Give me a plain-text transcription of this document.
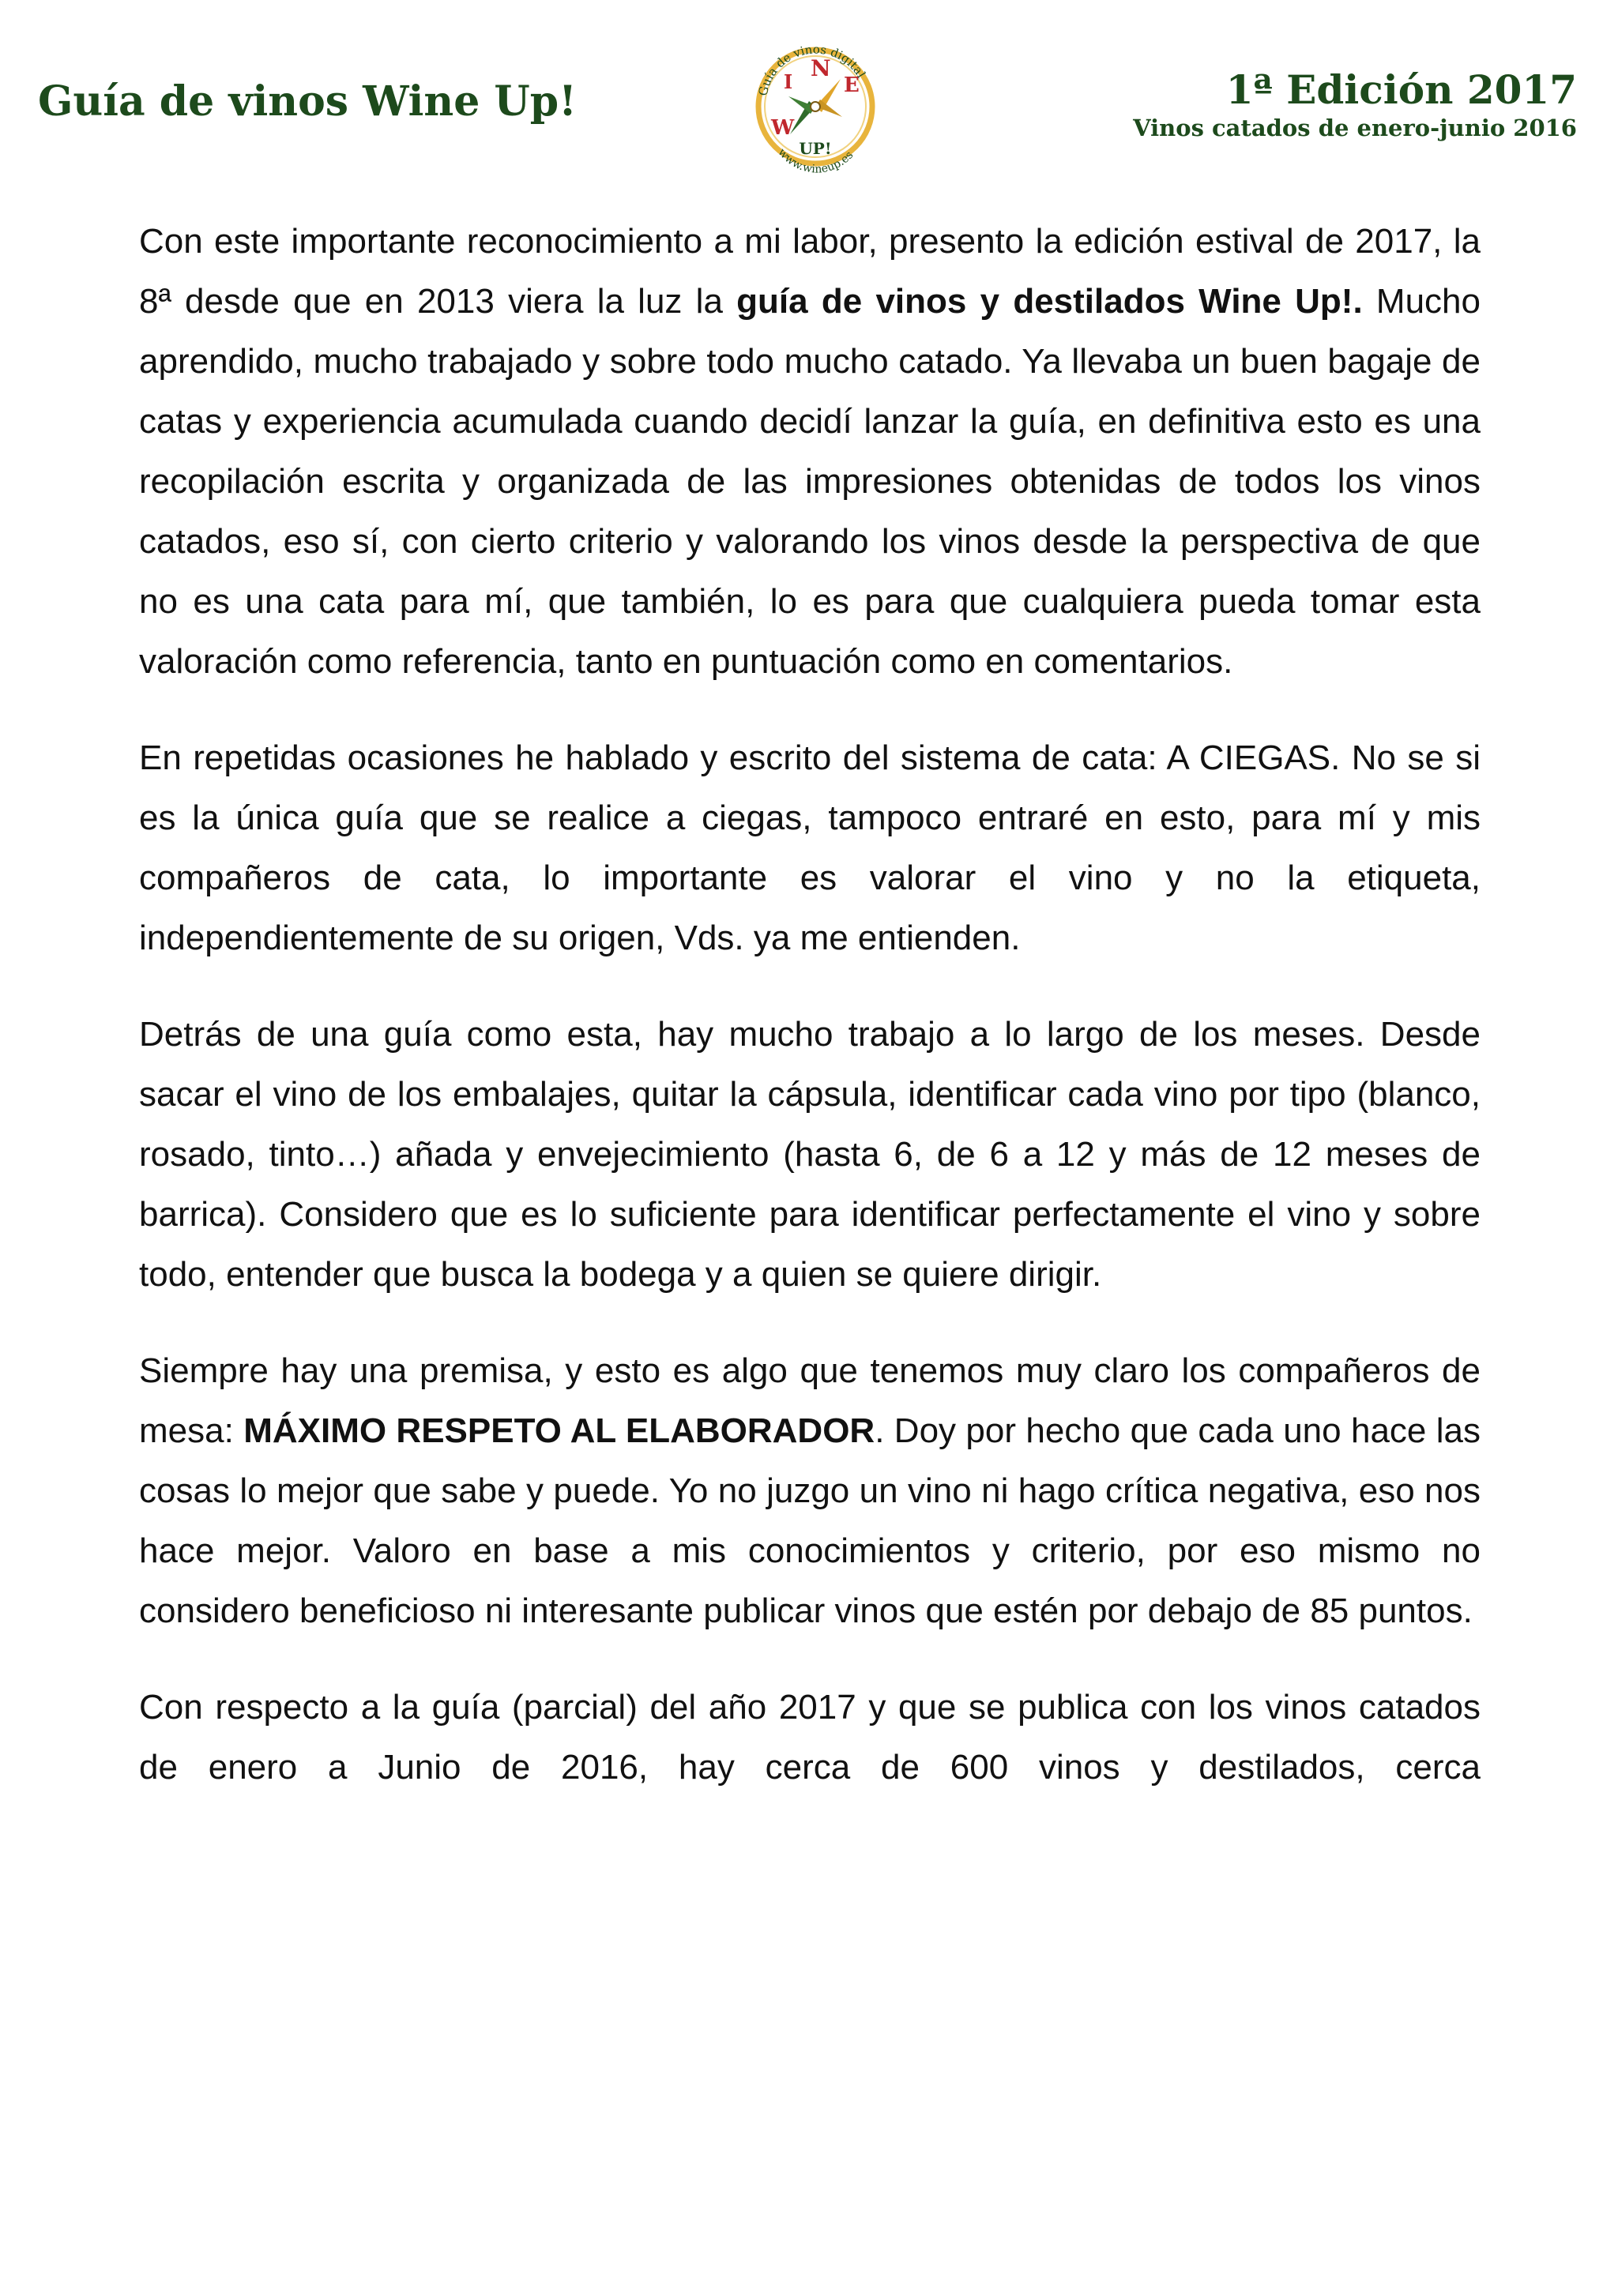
Guía de vinos Wine Up!	Guía de vinos digital
W
I
N
E
UP!
www.wineup.es
1ª Edición 2017
Vinos catados de enero-junio 2016

Con este importante reconocimiento a mi labor, presento la edición estival de 2017, la 8ª desde que en 2013 viera la luz la guía de vinos y destilados Wine Up!. Mucho aprendido, mucho trabajado y sobre todo mucho catado. Ya llevaba un buen bagaje de catas y experiencia acumulada cuando decidí lanzar la guía, en definitiva esto es una recopilación escrita y organizada de las impresiones obtenidas de todos los vinos catados, eso sí, con cierto criterio y valorando los vinos desde la perspectiva de que no es una cata para mí, que también, lo es para que cualquiera pueda tomar esta valoración como referencia, tanto en puntuación como en comentarios.

En repetidas ocasiones he hablado y escrito del sistema de cata: A CIEGAS. No se si es la única guía que se realice a ciegas, tampoco entraré en esto, para mí y mis compañeros de cata, lo importante es valorar el vino y no la etiqueta, independientemente de su origen, Vds. ya me entienden.

Detrás de una guía como esta, hay mucho trabajo a lo largo de los meses. Desde sacar el vino de los embalajes, quitar la cápsula, identificar cada vino por tipo (blanco, rosado, tinto…) añada y envejecimiento (hasta 6, de 6 a 12 y más de 12 meses de barrica). Considero que es lo suficiente para identificar perfectamente el vino y sobre todo, entender que busca la bodega y a quien se quiere dirigir.

Siempre hay una premisa, y esto es algo que tenemos muy claro los compañeros de mesa: MÁXIMO RESPETO AL ELABORADOR. Doy por hecho que cada uno hace las cosas lo mejor que sabe y puede. Yo no juzgo un vino ni hago crítica negativa, eso nos hace mejor. Valoro en base a mis conocimientos y criterio, por eso mismo no considero beneficioso ni interesante publicar vinos que estén por debajo de 85 puntos.

Con respecto a la guía (parcial) del año 2017 y que se publica con los vinos catados de enero a Junio de 2016, hay cerca de 600 vinos y destilados, cerca
